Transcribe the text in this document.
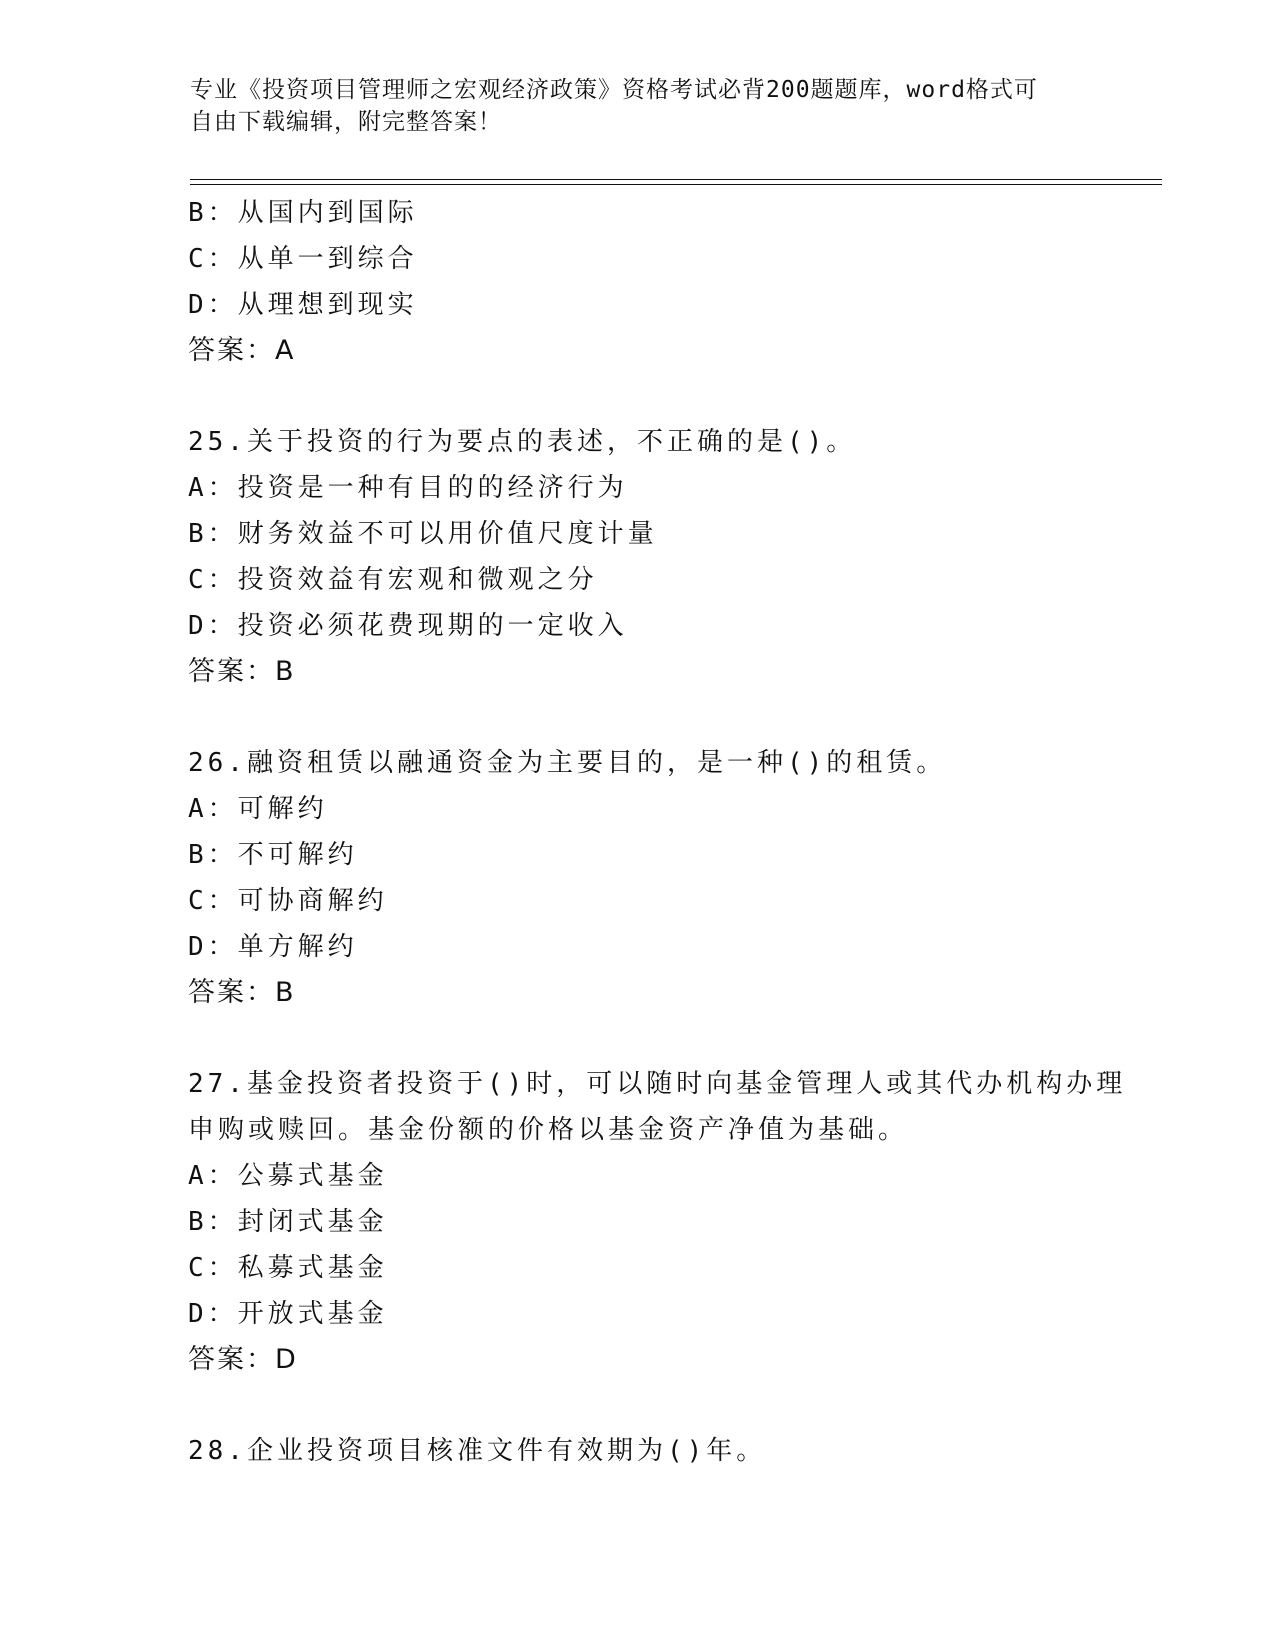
专业《投资项目管理师之宏观经济政策》资格考试必背200题题库，word格式可

自由下载编辑，附完整答案！

B：从国内到国际
C：从单一到综合
D：从理想到现实
答案：A
25.关于投资的行为要点的表述，不正确的是()。
A：投资是一种有目的的经济行为
B：财务效益不可以用价值尺度计量
C：投资效益有宏观和微观之分
D：投资必须花费现期的一定收入
答案：B
26.融资租赁以融通资金为主要目的，是一种()的租赁。
A：可解约
B：不可解约
C：可协商解约
D：单方解约
答案：B
27.基金投资者投资于()时，可以随时向基金管理人或其代办机构办理
申购或赎回。基金份额的价格以基金资产净值为基础。
A：公募式基金
B：封闭式基金
C：私募式基金
D：开放式基金
答案：D
28.企业投资项目核准文件有效期为()年。
